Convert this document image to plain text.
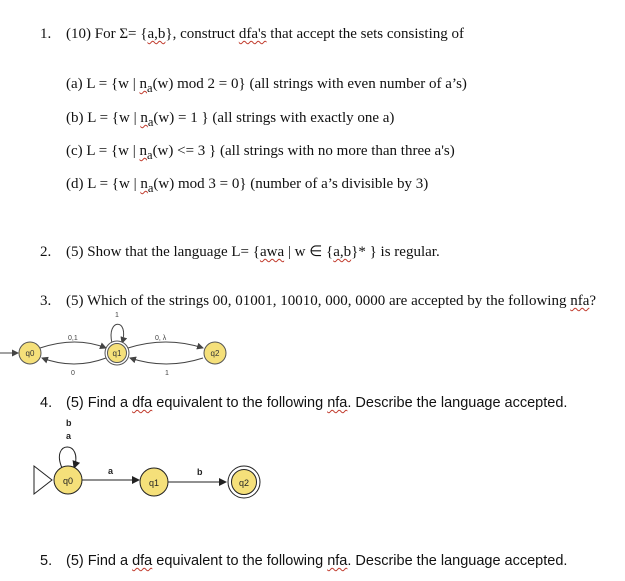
1. (10) For Σ= {a,b}, construct dfa's that accept the sets consisting of
(a) L = {w | $n_a(w)$ mod 2 = 0} (all strings with even number of a’s)
(b) L = {w | $n_a(w) = 1$ } (all strings with exactly one a)
(c) L = {w | $n_a(w) <= 3$ } (all strings with no more than three a's)
(d) L = {w | $n_a(w)$ mod 3 = 0} (number of a’s divisible by 3)
2. (5) Show that the language L= {awa | w ∈ {a,b}* } is regular.
3. (5) Which of the strings 00, 01001, 10010, 000, 0000 are accepted by the following nfa?
0,1
0
1
0, λ
1
q0	q1	q2
4. (5) Find a dfa equivalent to the following nfa. Describe the language accepted.
b
a
q0
a
q1
b
q2
5. (5) Find a dfa equivalent to the following nfa. Describe the language accepted.
